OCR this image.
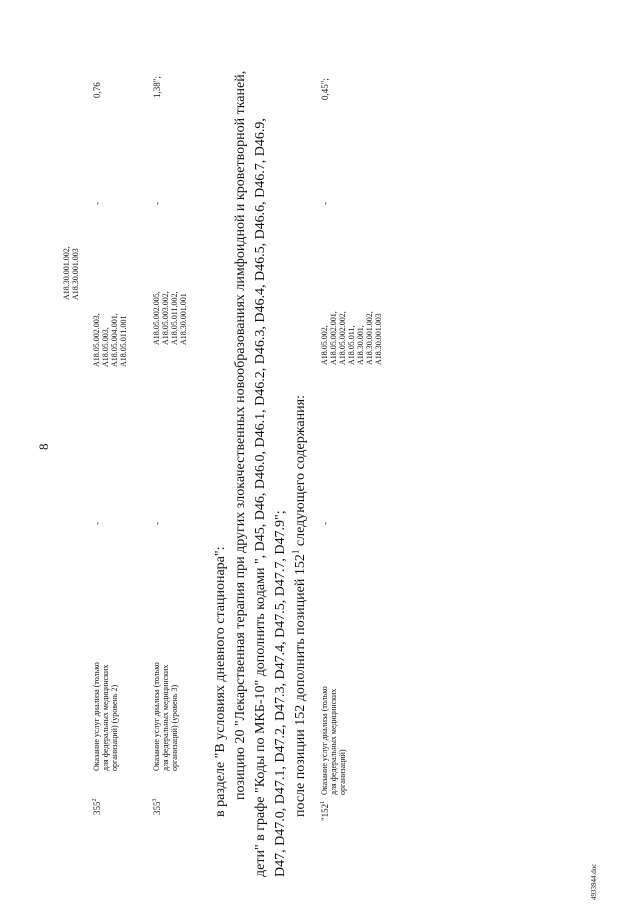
8
A18.30.001.002, A18.30.001.003
$355^2$
Оказание услуг диализа (только для федеральных медицинских организаций) (уровень 2)
-
A18.05.002.003, A18.05.003, A18.05.004.001, A18.05.011.001
-
0,76
$355^3$
Оказание услуг диализа (только для федеральных медицинских организаций) (уровень 3)
-
A18.05.002.005, A18.05.003.002, A18.05.011.002, A18.30.001.001
-
1,38";
в разделе "В условиях дневного стационара": позицию 20 "Лекарственная терапия при других злокачественных новообразованиях лимфоидной и кроветворной тканей, дети" в графе "Коды по МКБ-10" дополнить кодами ", D45, D46, D46.0, D46.1, D46.2, D46.3, D46.4, D46.5, D46.6, D46.7, D46.9, D47, D47.0, D47.1, D47.2, D47.3, D47.4, D47.5, D47.7, D47.9"; после позиции 152 дополнить позицией $152^1$ следующего содержания:
"$152^1$
Оказание услуг диализа (только для федеральных медицинских организаций)
-
A18.05.002, A18.05.002.001, A18.05.002.002, A18.05.011, A18.30.001, A18.30.001.002, A18.30.001.003
-
0,45";
4933944.doc
